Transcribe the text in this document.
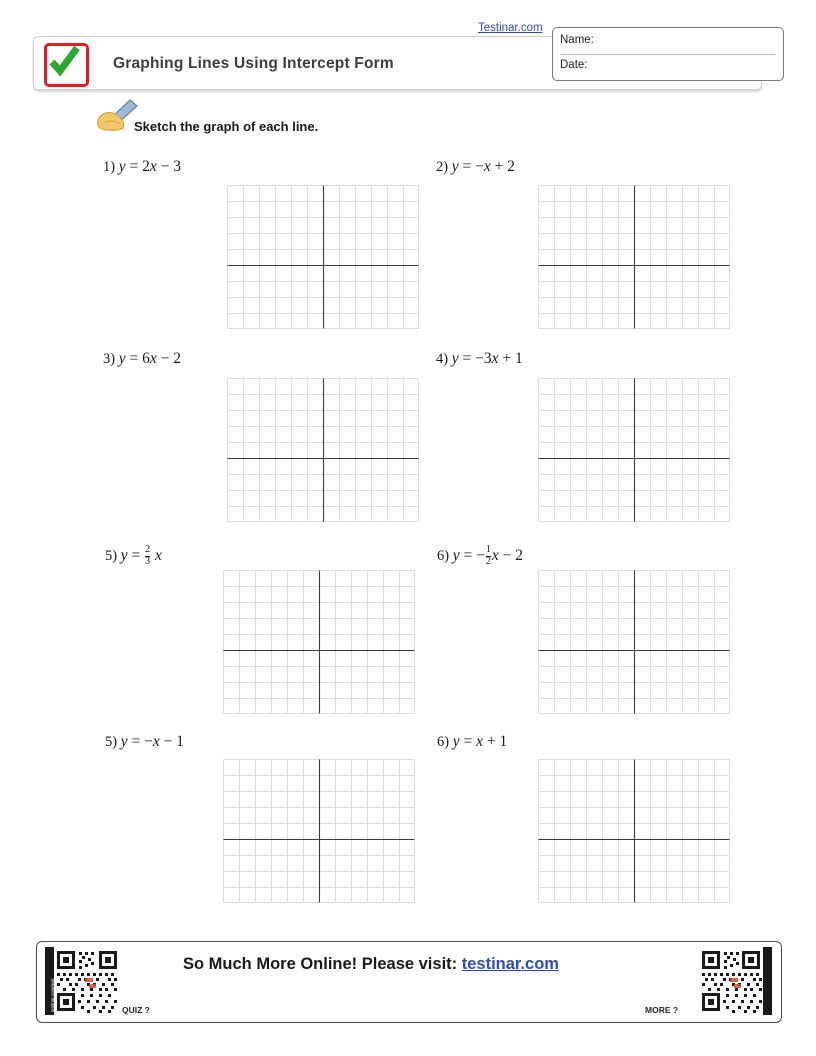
Testinar.com
Graphing Lines Using Intercept Form
Name:
Date:
Sketch the graph of each line.
1) y = 2x − 3	2) y = −x + 2
3) y = 6x − 2	4) y = −3x + 1
5) $y = \frac{2}{3}$ x	6) $y = -\frac{1}{2}$ x − 2
5) y = −x − 1	6) y = x + 1
testinar.com/quiz
So Much More Online! Please visit: testinar.com
testinar.com/more
QUIZ ?	MORE ?
